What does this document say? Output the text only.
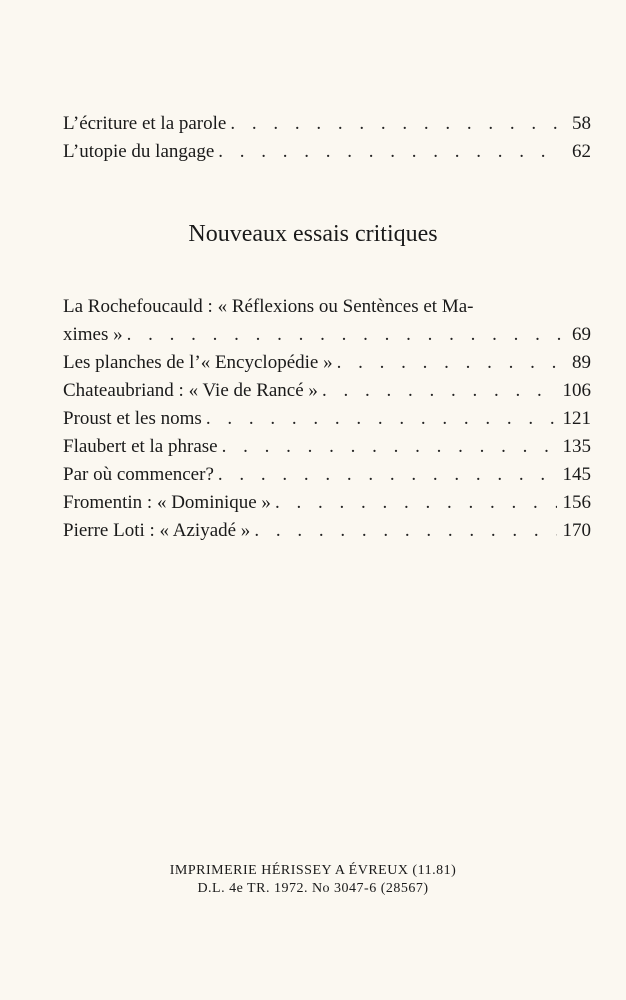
L’écriture et la parole . . .	58
L’utopie du langage . . .	62
Nouveaux essais critiques
La Rochefoucauld : « Réflexions ou Sentènces et Ma-
ximes » . . .	69
Les planches de l’« Encyclopédie » . . .	89
Chateaubriand : « Vie de Rancé » . . .	106
Proust et les noms . . .	121
Flaubert et la phrase . . .	135
Par où commencer? . . .	145
Fromentin : « Dominique » . . .	156
Pierre Loti : « Aziyadé » . . .	170
IMPRIMERIE HÉRISSEY A ÉVREUX (11.81)
D.L. 4e TR. 1972. No 3047-6 (28567)
